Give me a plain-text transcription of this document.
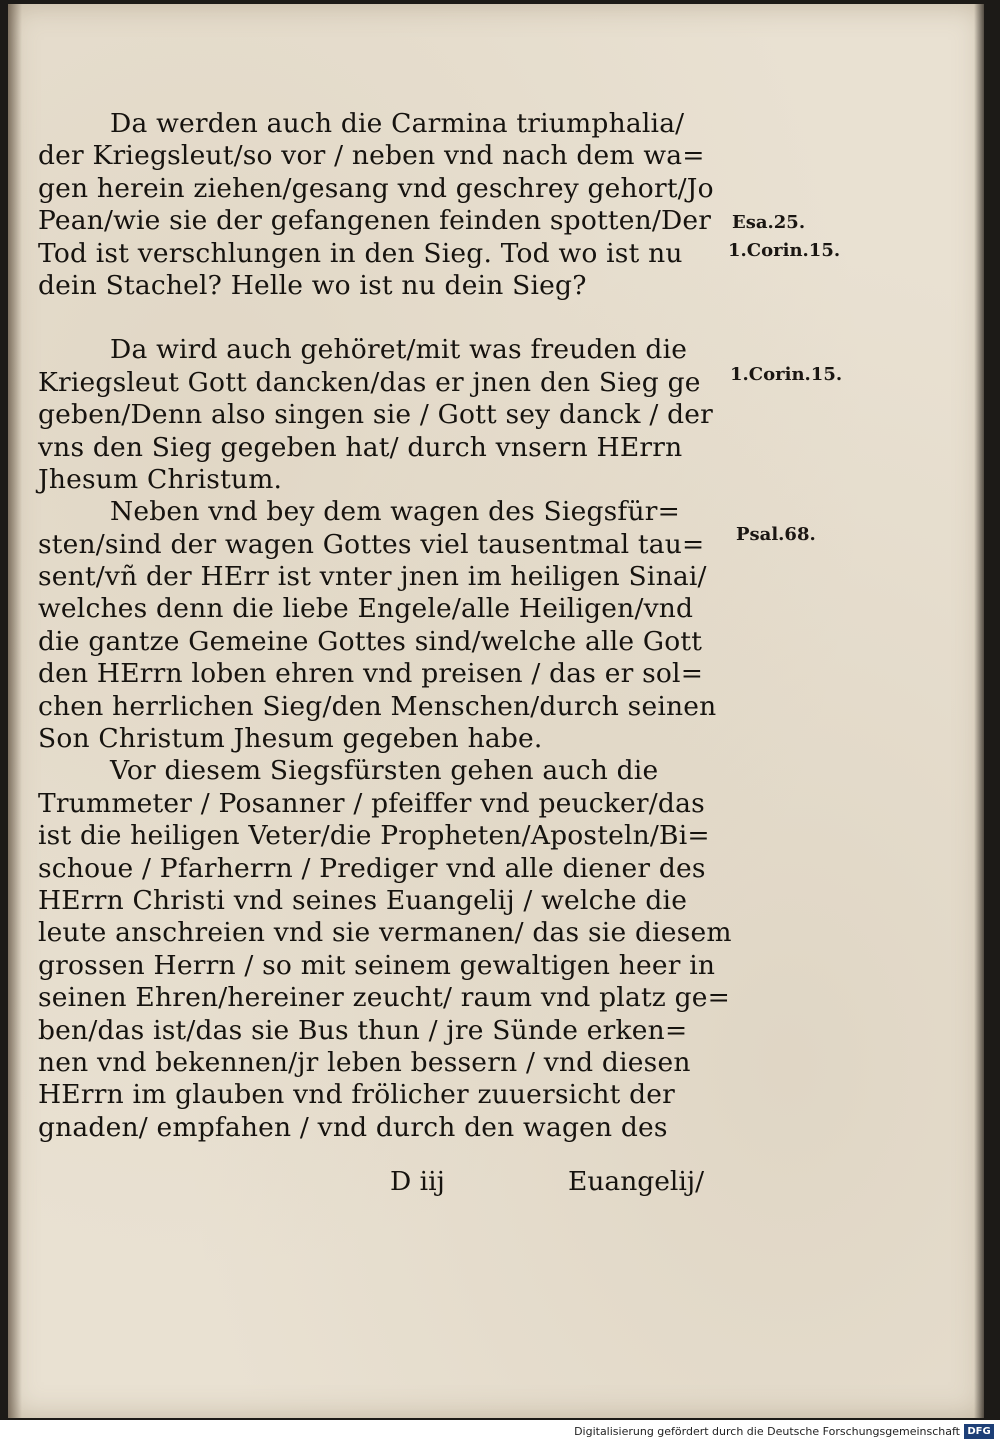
Da werden auch die Carmina triumphalia/
der Kriegsleut/so vor / neben vnd nach dem wa=
gen herein ziehen/gesang vnd geschrey gehort/Jo
Pean/wie sie der gefangenen feinden spotten/Der
Tod ist verschlungen in den Sieg. Tod wo ist nu
dein Stachel? Helle wo ist nu dein Sieg?
Da wird auch gehöret/mit was freuden die
Kriegsleut Gott dancken/das er jnen den Sieg ge
geben/Denn also singen sie / Gott sey danck / der
vns den Sieg gegeben hat/ durch vnsern HErrn
Jhesum Christum.
Neben vnd bey dem wagen des Siegsfür=
sten/sind der wagen Gottes viel tausentmal tau=
sent/vñ der HErr ist vnter jnen im heiligen Sinai/
welches denn die liebe Engele/alle Heiligen/vnd
die gantze Gemeine Gottes sind/welche alle Gott
den HErrn loben ehren vnd preisen / das er sol=
chen herrlichen Sieg/den Menschen/durch seinen
Son Christum Jhesum gegeben habe.
Vor diesem Siegsfürsten gehen auch die
Trummeter / Posanner / pfeiffer vnd peucker/das
ist die heiligen Veter/die Propheten/Aposteln/Bi=
schoue / Pfarherrn / Prediger vnd alle diener des
HErrn Christi vnd seines Euangelij / welche die
leute anschreien vnd sie vermanen/ das sie diesem
grossen Herrn / so mit seinem gewaltigen heer in
seinen Ehren/hereiner zeucht/ raum vnd platz ge=
ben/das ist/das sie Bus thun / jre Sünde erken=
nen vnd bekennen/jr leben bessern / vnd diesen
HErrn im glauben vnd frölicher zuuersicht der
gnaden/ empfahen / vnd durch den wagen des
Esa.25.
1.Corin.15.
1.Corin.15.
Psal.68.
D iij	Euangelij/
Digitalisierung gefördert durch die Deutsche Forschungsgemeinschaft DFG
